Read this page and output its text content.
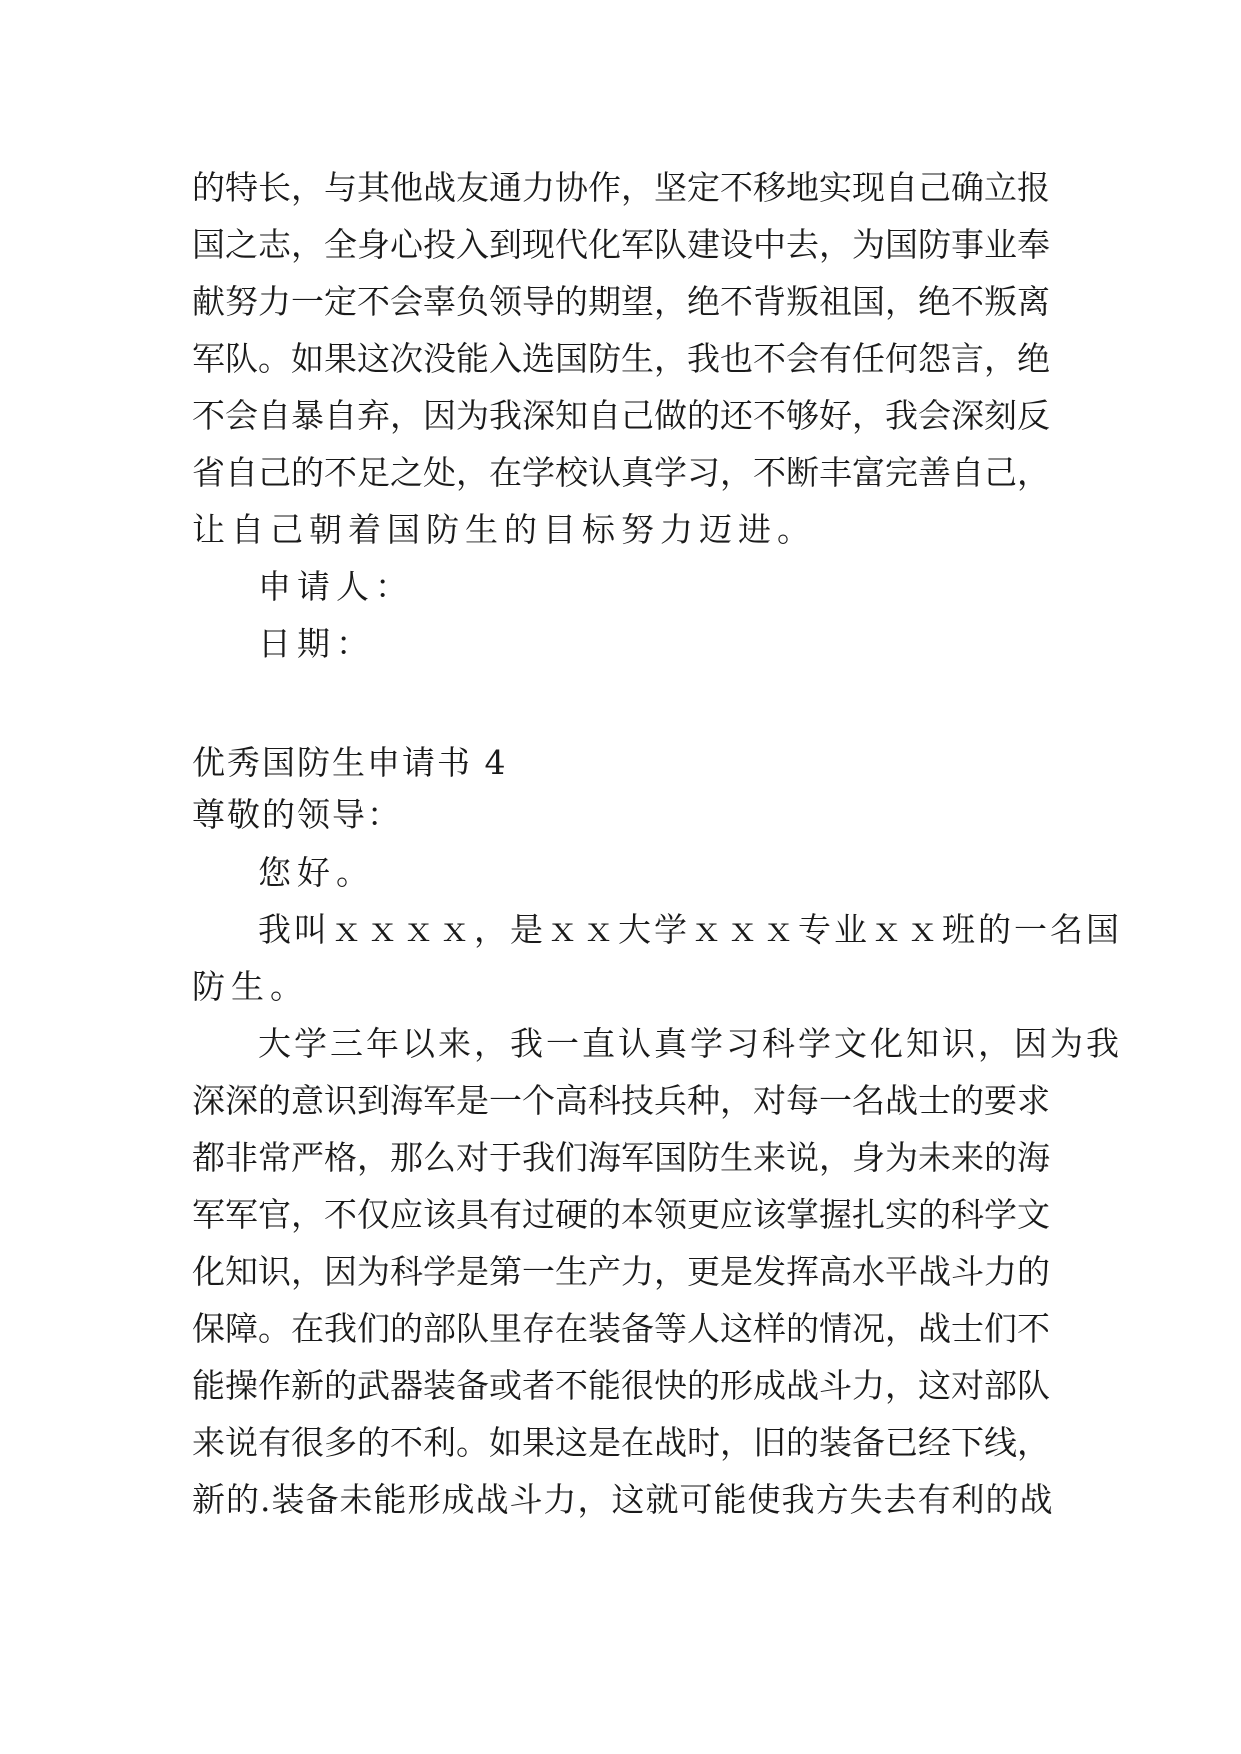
的特长，与其他战友通力协作，坚定不移地实现自己确立报

国之志，全身心投入到现代化军队建设中去，为国防事业奉

献努力一定不会辜负领导的期望，绝不背叛祖国，绝不叛离

军队。如果这次没能入选国防生，我也不会有任何怨言，绝

不会自暴自弃，因为我深知自己做的还不够好，我会深刻反

省自己的不足之处，在学校认真学习，不断丰富完善自己，

让自己朝着国防生的目标努力迈进。

申请人：

日期：

优秀国防生申请书 4

尊敬的领导：

您好。

我叫ｘｘｘｘ，是ｘｘ大学ｘｘｘ专业ｘｘ班的一名国

防生。

大学三年以来，我一直认真学习科学文化知识，因为我

深深的意识到海军是一个高科技兵种，对每一名战士的要求

都非常严格，那么对于我们海军国防生来说，身为未来的海

军军官，不仅应该具有过硬的本领更应该掌握扎实的科学文

化知识，因为科学是第一生产力，更是发挥高水平战斗力的

保障。在我们的部队里存在装备等人这样的情况，战士们不

能操作新的武器装备或者不能很快的形成战斗力，这对部队

来说有很多的不利。如果这是在战时，旧的装备已经下线，

新的.装备未能形成战斗力，这就可能使我方失去有利的战
